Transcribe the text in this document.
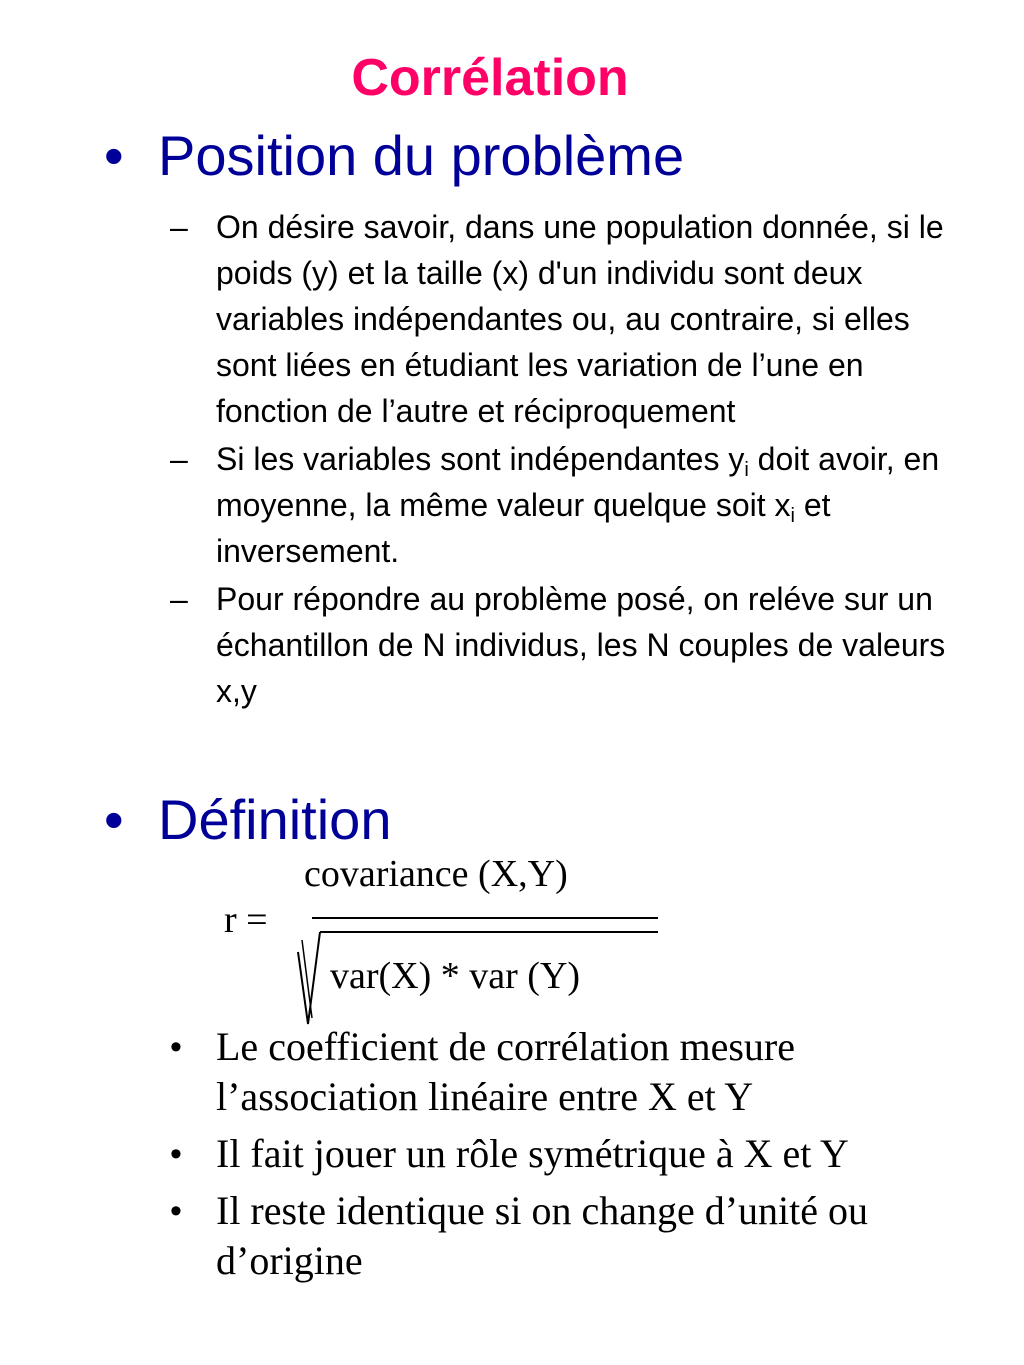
Corrélation
• Position du problème

– On désire savoir, dans une population donnée, si le poids (y) et la taille (x) d'un individu sont deux variables indépendantes ou, au contraire, si elles sont liées en étudiant les variation de l’une en fonction de l’autre et réciproquement

– Si les variables sont indépendantes $y_i$ doit avoir, en moyenne, la même valeur quelque soit $x_i$ et inversement.

– Pour répondre au problème posé, on reléve sur un échantillon de N individus, les N couples de valeurs x,y

• Définition
covariance (X,Y)
r =
var(X) * var (Y)

• Le coefficient de corrélation mesure l’association linéaire entre X et Y

• Il fait jouer un rôle symétrique à X et Y

• Il reste identique si on change d’unité ou d’origine
